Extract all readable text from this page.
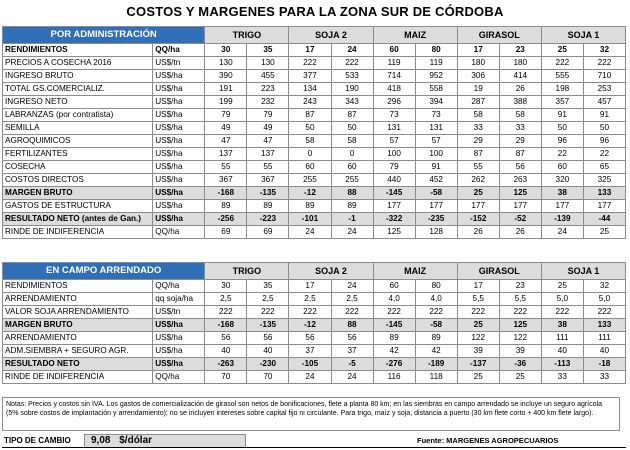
COSTOS Y MARGENES PARA LA ZONA SUR DE CÓRDOBA
POR ADMINISTRACIÓN		TRIGO		SOJA 2		MAIZ		GIRASOL		SOJA 1	
RENDIMIENTOS	QQ/ha	30	35	17	24	60	80	17	23	25	32
PRECIOS A COSECHA 2016	US$/tn	130	130	222	222	119	119	180	180	222	222
INGRESO BRUTO	US$/ha	390	455	377	533	714	952	306	414	555	710
TOTAL GS.COMERCIALIZ.	US$/ha	191	223	134	190	418	558	19	26	198	253
INGRESO NETO	US$/ha	199	232	243	343	296	394	287	388	357	457
LABRANZAS (por contratista)	US$/ha	79	79	87	87	73	73	58	58	91	91
SEMILLA	US$/ha	49	49	50	50	131	131	33	33	50	50
AGROQUIMICOS	US$/ha	47	47	58	58	57	57	29	29	96	96
FERTILIZANTES	US$/ha	137	137	0	0	100	100	87	87	22	22
COSECHA	US$/ha	55	55	60	60	79	91	55	56	60	65
COSTOS DIRECTOS	US$/ha	367	367	255	255	440	452	262	263	320	325
MARGEN BRUTO	US$/ha	-168	-135	-12	88	-145	-58	25	125	38	133
GASTOS DE ESTRUCTURA	US$/ha	89	89	89	89	177	177	177	177	177	177
RESULTADO NETO (antes de Gan.)	US$/ha	-256	-223	-101	-1	-322	-235	-152	-52	-139	-44
RINDE DE INDIFERENCIA	QQ/ha	69	69	24	24	125	128	26	26	24	25
EN CAMPO ARRENDADO		TRIGO		SOJA 2		MAIZ		GIRASOL		SOJA 1	
RENDIMIENTOS	QQ/ha	30	35	17	24	60	80	17	23	25	32
ARRENDAMIENTO	qq soja/ha	2,5	2,5	2,5	2,5	4,0	4,0	5,5	5,5	5,0	5,0
VALOR SOJA ARRENDAMIENTO	US$/tn	222	222	222	222	222	222	222	222	222	222
MARGEN BRUTO	US$/ha	-168	-135	-12	88	-145	-58	25	125	38	133
ARRENDAMIENTO	US$/ha	56	56	56	56	89	89	122	122	111	111
ADM.SIEMBRA + SEGURO AGR.	US$/ha	40	40	37	37	42	42	39	39	40	40
RESULTADO NETO	US$/ha	-263	-230	-105	-5	-276	-189	-137	-36	-113	-18
RINDE DE INDIFERENCIA	QQ/ha	70	70	24	24	116	118	25	25	33	33
Notas: Precios y costos sin IVA. Los gastos de comercialización de girasol son netos de bonificaciones, flete a planta 80 km; en las siembras en campo arrendado se incluye un seguro agrícola (5% sobre costos de implantación y arrendamiento); no se incluyen intereses sobre capital fijo ni circulante. Para trigo, maíz y soja, distancia a puerto (30 km flete corto + 400 km flete largo).
TIPO DE CAMBIO	9,08 $/dólar	Fuente: MARGENES AGROPECUARIOS
